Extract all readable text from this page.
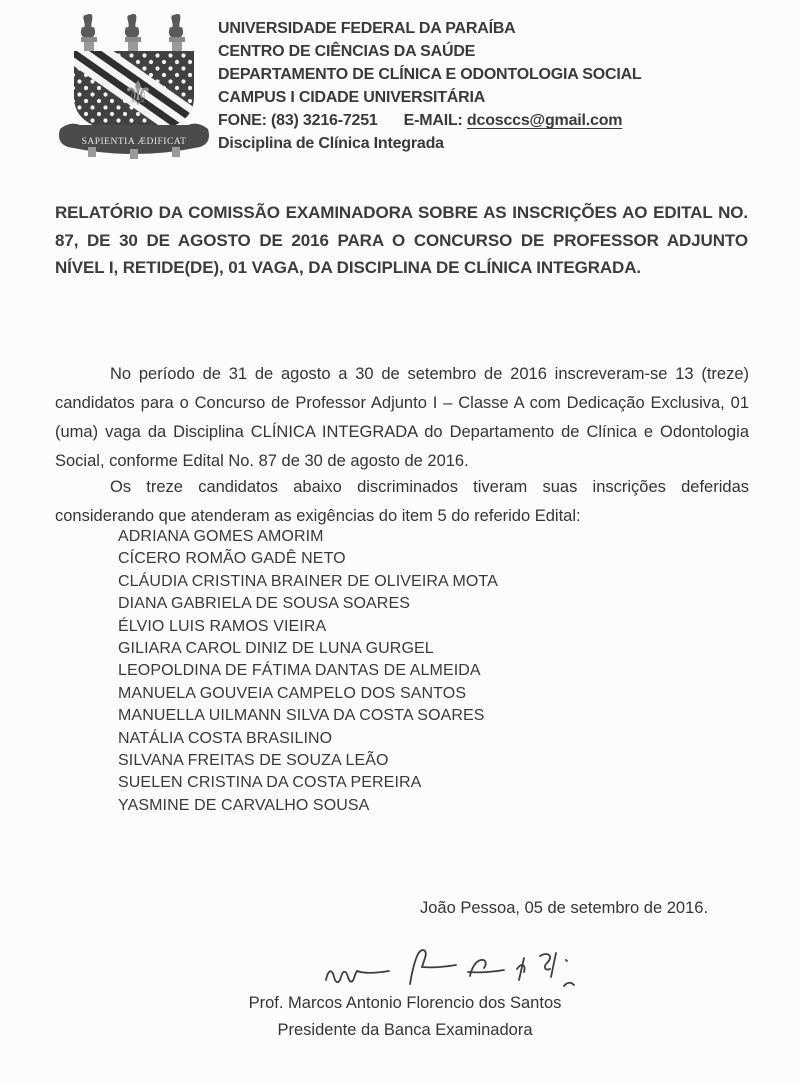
⚜
SAPIENTIA ÆDIFICAT
UNIVERSIDADE FEDERAL DA PARAÍBA
CENTRO DE CIÊNCIAS DA SAÚDE
DEPARTAMENTO DE CLÍNICA E ODONTOLOGIA SOCIAL
CAMPUS I CIDADE UNIVERSITÁRIA
FONE: (83) 3216-7251 E-MAIL: dcosccs@gmail.com
Disciplina de Clínica Integrada
RELATÓRIO DA COMISSÃO EXAMINADORA SOBRE AS INSCRIÇÕES AO EDITAL NO. 87, DE 30 DE AGOSTO DE 2016 PARA O CONCURSO DE PROFESSOR ADJUNTO NÍVEL I, RETIDE(DE), 01 VAGA, DA DISCIPLINA DE CLÍNICA INTEGRADA.

No período de 31 de agosto a 30 de setembro de 2016 inscreveram-se 13 (treze) candidatos para o Concurso de Professor Adjunto I – Classe A com Dedicação Exclusiva, 01 (uma) vaga da Disciplina CLÍNICA INTEGRADA do Departamento de Clínica e Odontologia Social, conforme Edital No. 87 de 30 de agosto de 2016.

Os treze candidatos abaixo discriminados tiveram suas inscrições deferidas considerando que atenderam as exigências do item 5 do referido Edital:

ADRIANA GOMES AMORIM
CÍCERO ROMÃO GADÊ NETO
CLÁUDIA CRISTINA BRAINER DE OLIVEIRA MOTA
DIANA GABRIELA DE SOUSA SOARES
ÉLVIO LUIS RAMOS VIEIRA
GILIARA CAROL DINIZ DE LUNA GURGEL
LEOPOLDINA DE FÁTIMA DANTAS DE ALMEIDA
MANUELA GOUVEIA CAMPELO DOS SANTOS
MANUELLA UILMANN SILVA DA COSTA SOARES
NATÁLIA COSTA BRASILINO
SILVANA FREITAS DE SOUZA LEÃO
SUELEN CRISTINA DA COSTA PEREIRA
YASMINE DE CARVALHO SOUSA
João Pessoa, 05 de setembro de 2016.
Prof. Marcos Antonio Florencio dos Santos
Presidente da Banca Examinadora
